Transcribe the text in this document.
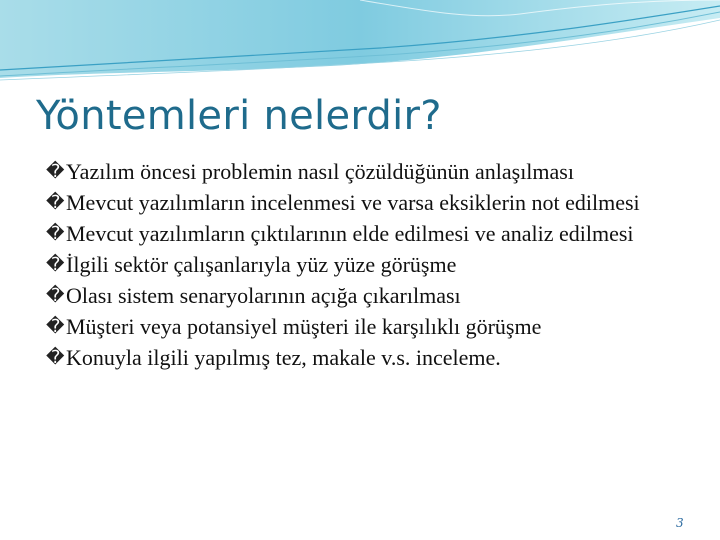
Yöntemleri nelerdir?
� Yazılım öncesi problemin nasıl çözüldüğünün anlaşılması
� Mevcut yazılımların incelenmesi ve varsa eksiklerin not edilmesi
� Mevcut yazılımların çıktılarının elde edilmesi ve analiz edilmesi
� İlgili sektör çalışanlarıyla yüz yüze görüşme
� Olası sistem senaryolarının açığa çıkarılması
� Müşteri veya potansiyel müşteri ile karşılıklı görüşme
� Konuyla ilgili yapılmış tez, makale v.s. inceleme.
3
